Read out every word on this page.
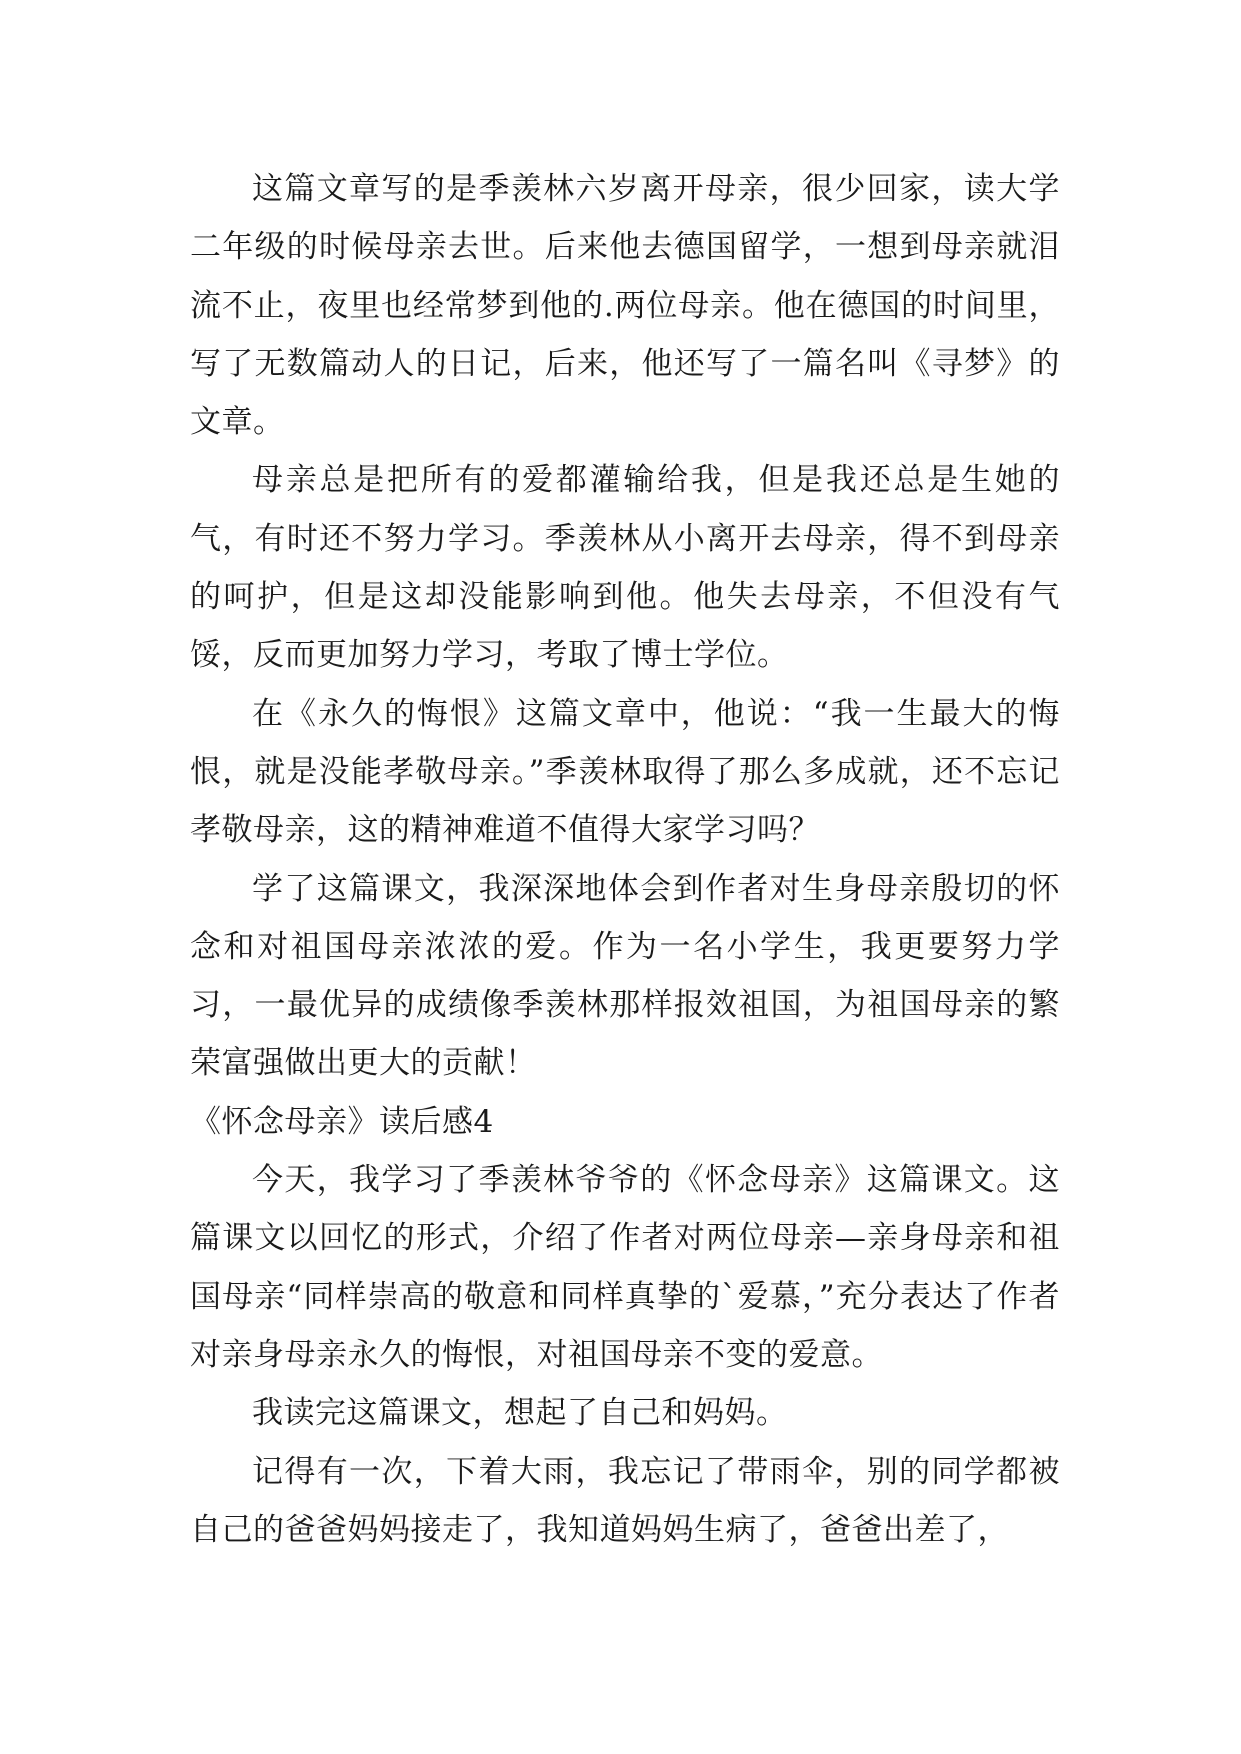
这篇文章写的是季羡林六岁离开母亲，很少回家，读大学二年级的时候母亲去世。后来他去德国留学，一想到母亲就泪流不止，夜里也经常梦到他的.两位母亲。他在德国的时间里，写了无数篇动人的日记，后来，他还写了一篇名叫《寻梦》的文章。

母亲总是把所有的爱都灌输给我，但是我还总是生她的气，有时还不努力学习。季羡林从小离开去母亲，得不到母亲的呵护，但是这却没能影响到他。他失去母亲，不但没有气馁，反而更加努力学习，考取了博士学位。

在《永久的悔恨》这篇文章中，他说：“我一生最大的悔恨，就是没能孝敬母亲。”季羡林取得了那么多成就，还不忘记孝敬母亲，这的精神难道不值得大家学习吗？

学了这篇课文，我深深地体会到作者对生身母亲殷切的怀念和对祖国母亲浓浓的爱。作为一名小学生，我更要努力学习，一最优异的成绩像季羡林那样报效祖国，为祖国母亲的繁荣富强做出更大的贡献！

《怀念母亲》读后感4

今天，我学习了季羡林爷爷的《怀念母亲》这篇课文。这篇课文以回忆的形式，介绍了作者对两位母亲—亲身母亲和祖国母亲“同样崇高的敬意和同样真挚的`爱慕，”充分表达了作者对亲身母亲永久的悔恨，对祖国母亲不变的爱意。

我读完这篇课文，想起了自己和妈妈。

记得有一次，下着大雨，我忘记了带雨伞，别的同学都被自己的爸爸妈妈接走了，我知道妈妈生病了，爸爸出差了，
